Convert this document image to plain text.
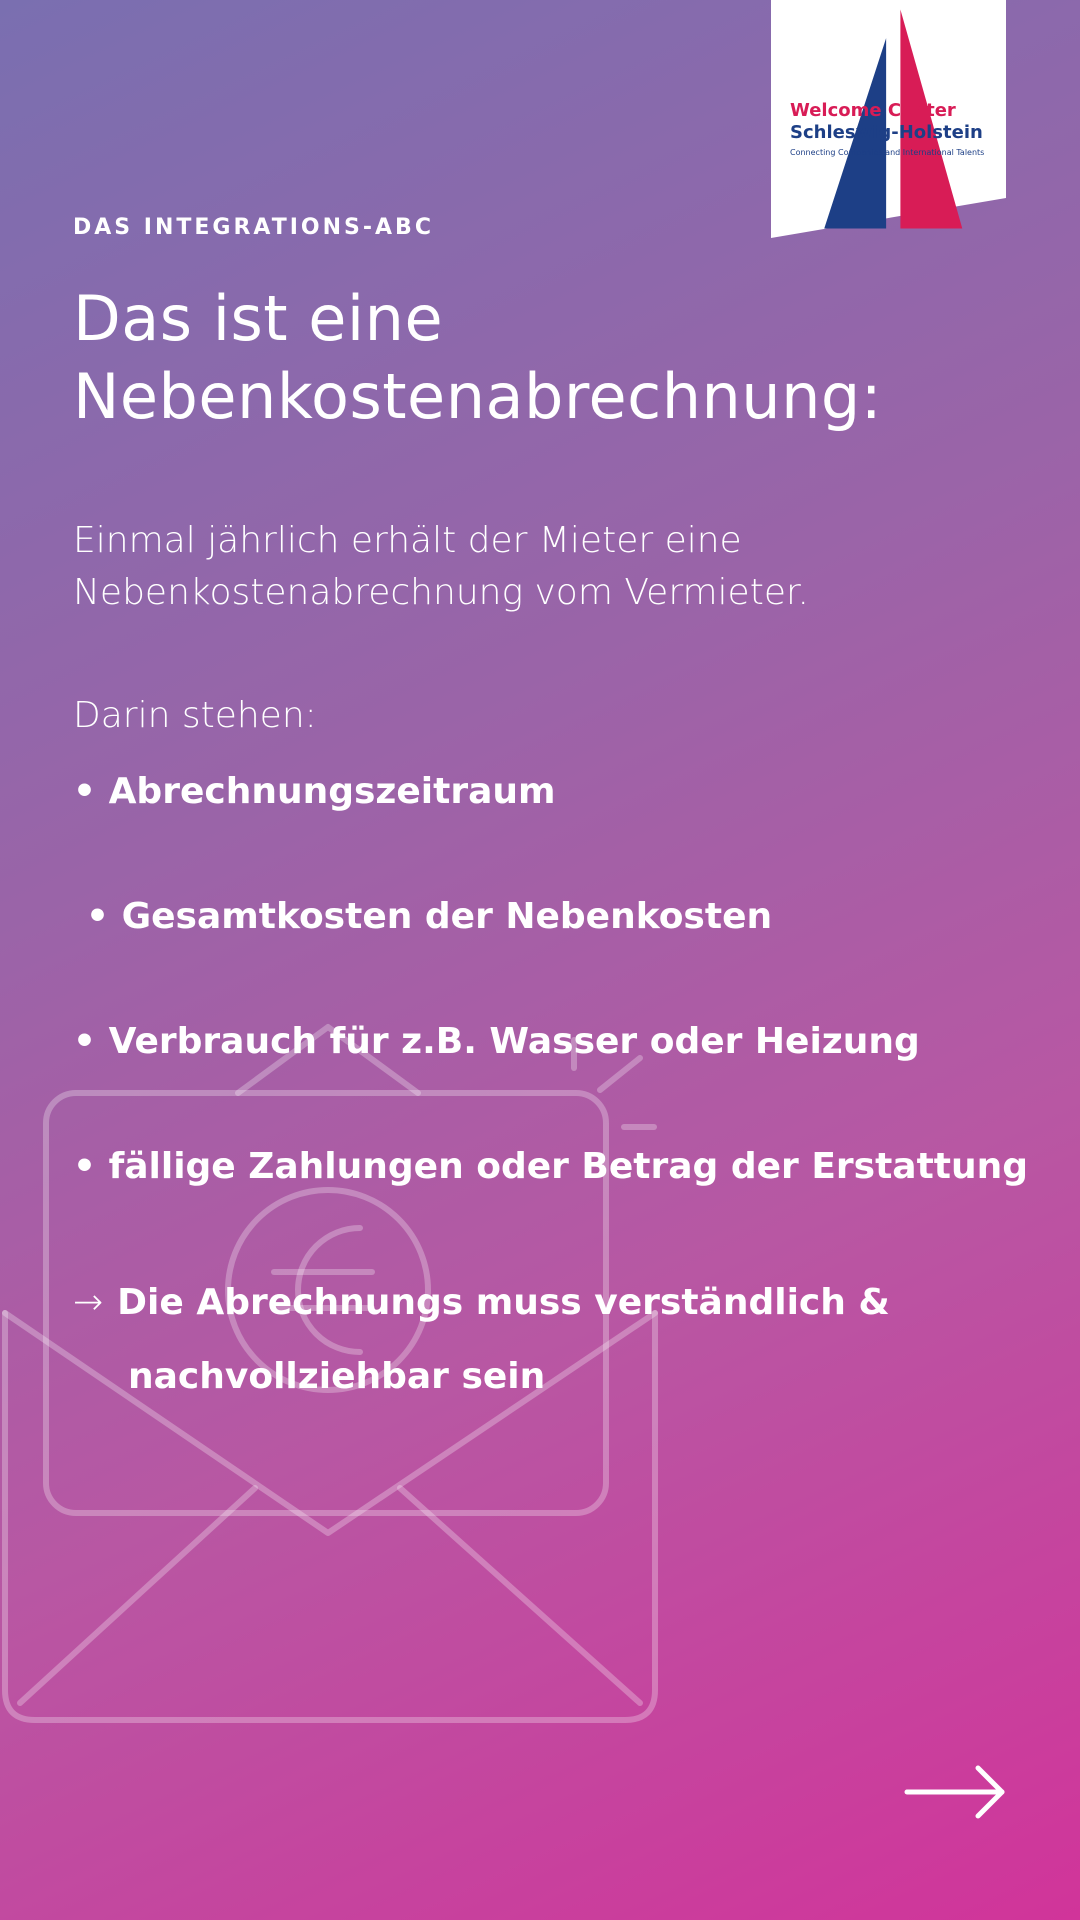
Welcome Center
Schleswig-Holstein
Connecting Companies and International Talents
DAS INTEGRATIONS-ABC
Das ist eine
Nebenkostenabrechnung:
Einmal jährlich erhält der Mieter eine
Nebenkostenabrechnung vom Vermieter.
Darin stehen:
• Abrechnungszeitraum
• Gesamtkosten der Nebenkosten
• Verbrauch für z.B. Wasser oder Heizung
• fällige Zahlungen oder Betrag der Erstattung
→ Die Abrechnungs muss verständlich &
nachvollziehbar sein
